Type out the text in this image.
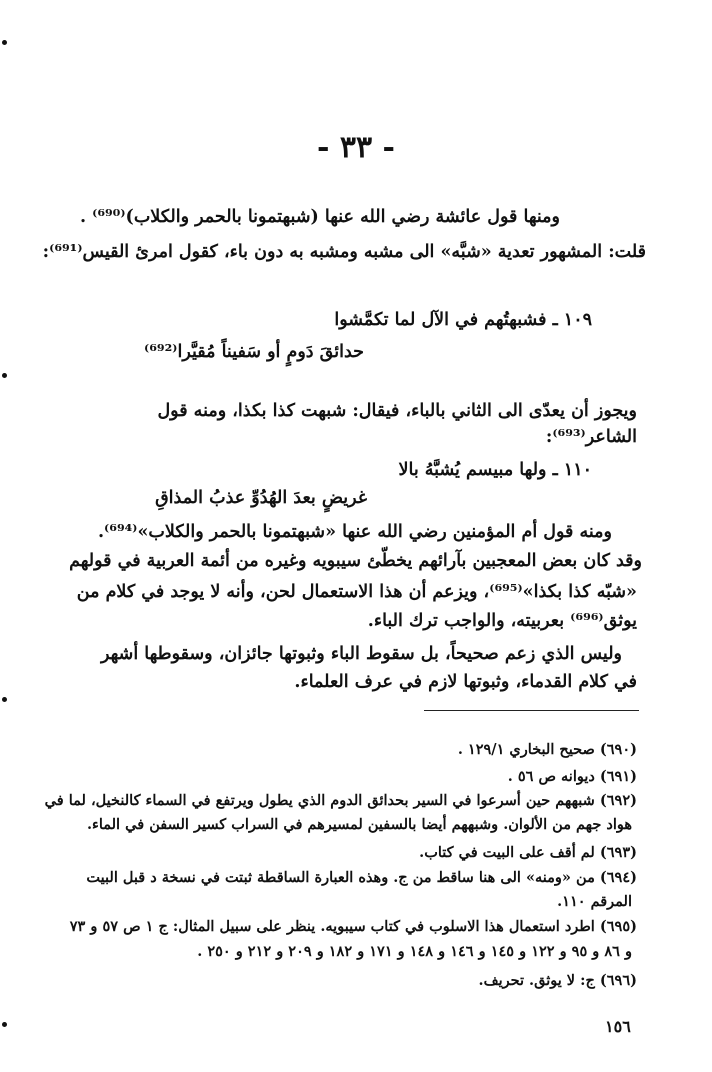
- ٣٣ -
ومنها قول عائشة رضي الله عنها (شبهتمونا بالحمر والكلاب)⁽⁶⁹⁰⁾ .
قلت: المشهور تعدية «شبَّه» الى مشبه ومشبه به دون باء، كقول امرئ القيس⁽⁶⁹¹⁾:
١٠٩ ـ فشبهتُهم في الآل لما تكمَّشوا
حدائقَ دَومٍ أو سَفيناً مُقيَّرا⁽⁶⁹²⁾
ويجوز أن يعدّى الى الثاني بالباء، فيقال: شبهت كذا بكذا، ومنه قول
الشاعر⁽⁶⁹³⁾:
١١٠ ـ ولها مبيسم يُشبَّهُ بالا
غريضٍ بعدَ الهُدُوِّ عذبُ المذاقِ
ومنه قول أم المؤمنين رضي الله عنها «شبهتمونا بالحمر والكلاب»⁽⁶⁹⁴⁾.
وقد كان بعض المعجبين بآرائهم يخطّئ سيبويه وغيره من أئمة العربية في قولهم
«شبّه كذا بكذا»⁽⁶⁹⁵⁾، ويزعم أن هذا الاستعمال لحن، وأنه لا يوجد في كلام من
يوثق⁽⁶⁹⁶⁾ بعربيته، والواجب ترك الباء.
وليس الذي زعم صحيحاً، بل سقوط الباء وثبوتها جائزان، وسقوطها أشهر
في كلام القدماء، وثبوتها لازم في عرف العلماء.
(٦٩٠) صحيح البخاري ١٢٩/١ .
(٦٩١) ديوانه ص ٥٦ .
(٦٩٢) شبههم حين أسرعوا في السير بحدائق الدوم الذي يطول ويرتفع في السماء كالنخيل، لما في
هواد جهم من الألوان. وشبههم أيضا بالسفين لمسيرهم في السراب كسير السفن في الماء.
(٦٩٣) لم أقف على البيت في كتاب.
(٦٩٤) من «ومنه» الى هنا ساقط من ج. وهذه العبارة الساقطة ثبتت في نسخة د قبل البيت
المرقم ١١٠.
(٦٩٥) اطرد استعمال هذا الاسلوب في كتاب سيبويه. ينظر على سبيل المثال: ج ١ ص ٥٧ و ٧٣
و ٨٦ و ٩٥ و ١٢٢ و ١٤٥ و ١٤٦ و ١٤٨ و ١٧١ و ١٨٢ و ٢٠٩ و ٢١٢ و ٢٥٠ .
(٦٩٦) ج: لا يوثق. تحريف.
١٥٦
